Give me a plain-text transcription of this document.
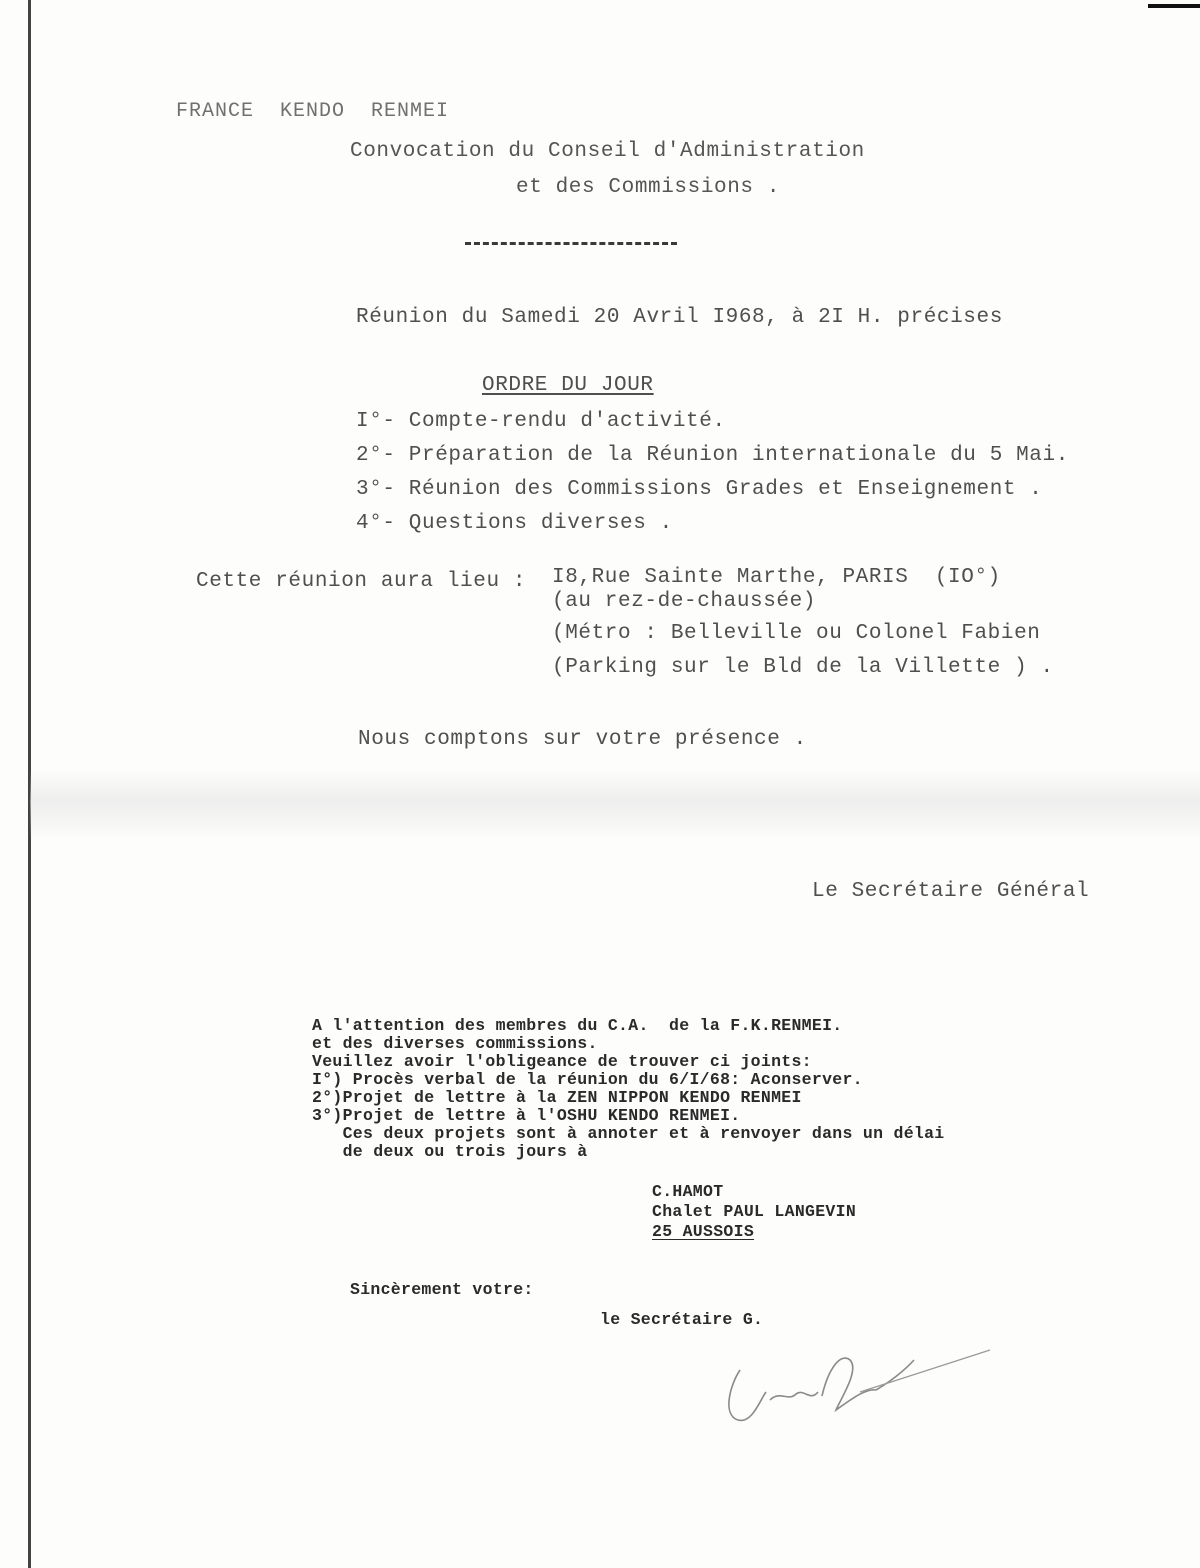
FRANCE  KENDO  RENMEI

Convocation du Conseil d'Administration

et des Commissions .

Réunion du Samedi 20 Avril I968, à 2I H. précises

ORDRE DU JOUR

I°- Compte-rendu d'activité.

2°- Préparation de la Réunion internationale du 5 Mai.

3°- Réunion des Commissions Grades et Enseignement .

4°- Questions diverses .

Cette réunion aura lieu : I8,Rue Sainte Marthe, PARIS  (IO°)

(au rez-de-chaussée)

(Métro : Belleville ou Colonel Fabien

(Parking sur le Bld de la Villette ) .

Nous comptons sur votre présence .

Le Secrétaire Général

A l'attention des membres du C.A.  de la F.K.RENMEI.

et des diverses commissions.

Veuillez avoir l'obligeance de trouver ci joints:

I°) Procès verbal de la réunion du 6/I/68: Aconserver.

2°)Projet de lettre à la ZEN NIPPON KENDO RENMEI

3°)Projet de lettre à l'OSHU KENDO RENMEI.

Ces deux projets sont à annoter et à renvoyer dans un délai

de deux ou trois jours à

C.HAMOT

Chalet PAUL LANGEVIN

25 AUSSOIS

Sincèrement votre:

le Secrétaire G.
